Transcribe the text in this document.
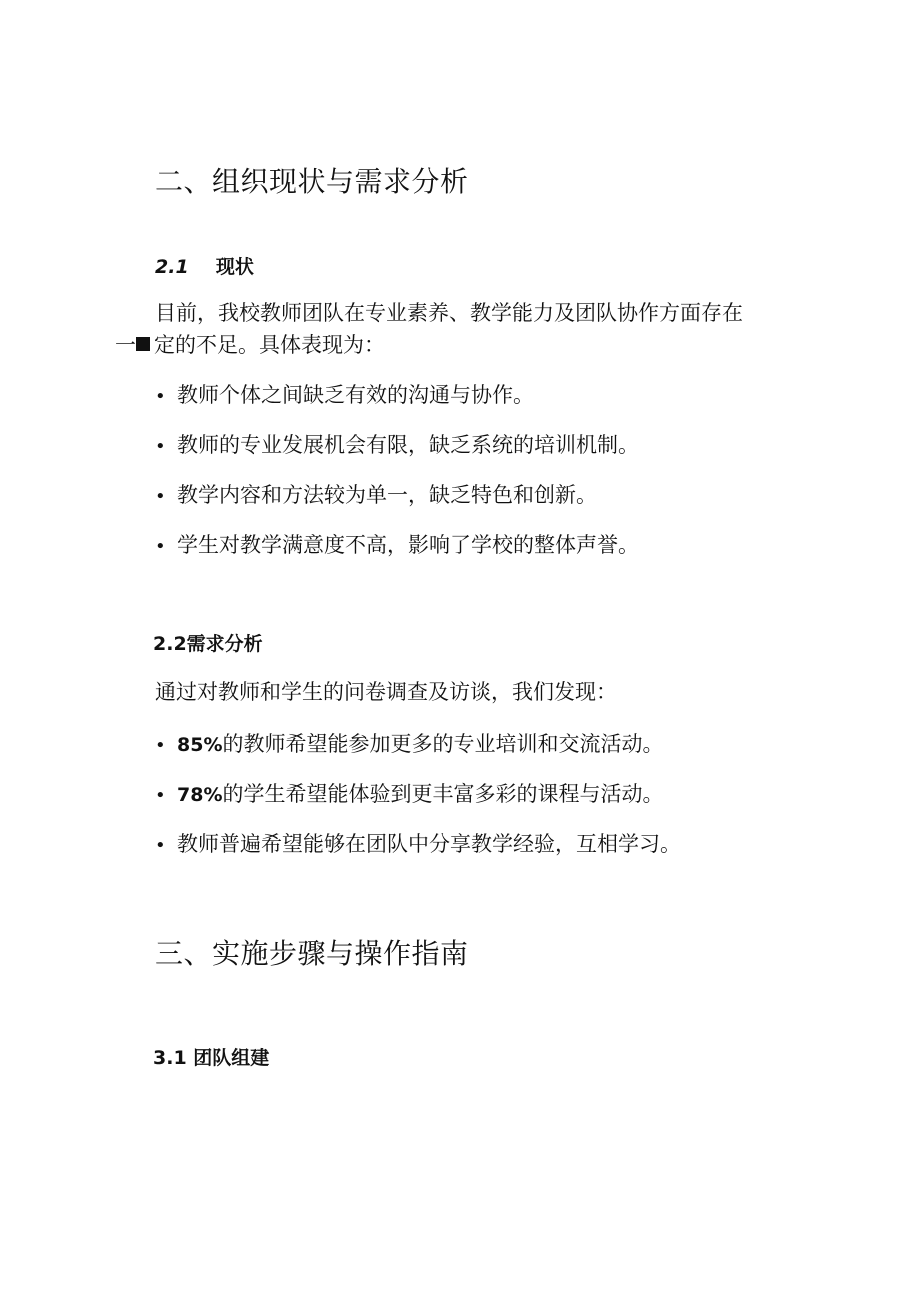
二、组织现状与需求分析
2.1 现状

目前，我校教师团队在专业素养、教学能力及团队协作方面存在

一 定的不足。具体表现为：

• 教师个体之间缺乏有效的沟通与协作。

• 教师的专业发展机会有限，缺乏系统的培训机制。

• 教学内容和方法较为单一，缺乏特色和创新。

• 学生对教学满意度不高，影响了学校的整体声誉。

2.2需求分析

通过对教师和学生的问卷调查及访谈，我们发现：

• 85%的教师希望能参加更多的专业培训和交流活动。

• 78%的学生希望能体验到更丰富多彩的课程与活动。

• 教师普遍希望能够在团队中分享教学经验，互相学习。

三、实施步骤与操作指南
3.1 团队组建
